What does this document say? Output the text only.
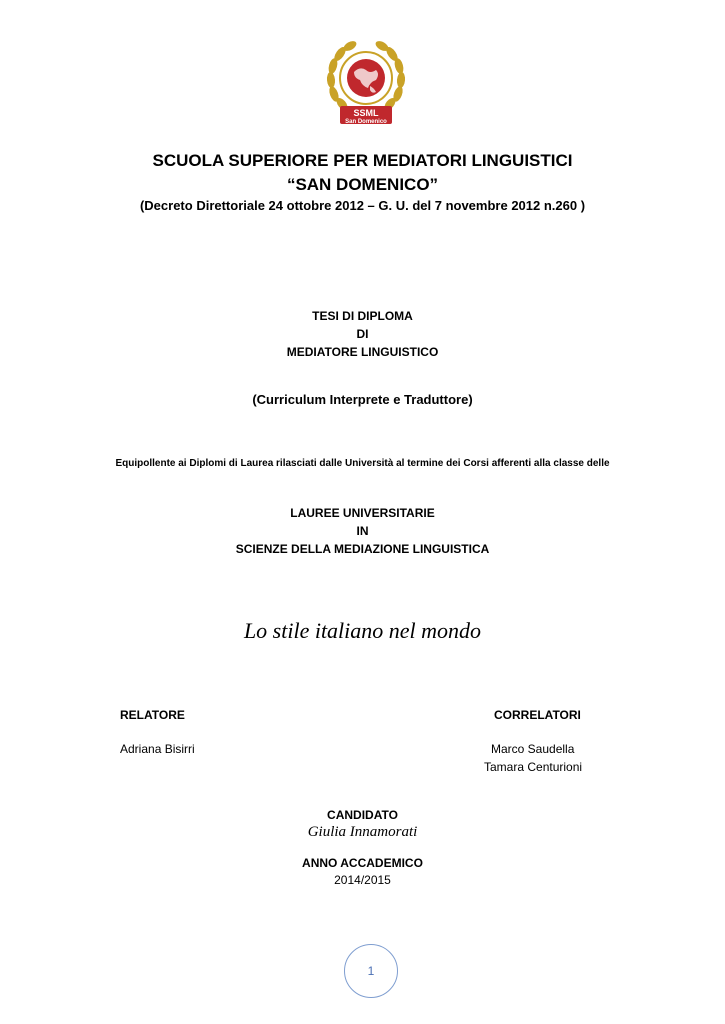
SSML
San Domenico
SCUOLA SUPERIORE PER MEDIATORI LINGUISTICI
“SAN DOMENICO”
(Decreto Direttoriale 24 ottobre 2012 – G. U. del 7 novembre 2012 n.260 )
TESI DI DIPLOMA
DI
MEDIATORE LINGUISTICO
(Curriculum Interprete e Traduttore)
Equipollente ai Diplomi di Laurea rilasciati dalle Università al termine dei Corsi afferenti alla classe delle
LAUREE UNIVERSITARIE
IN
SCIENZE DELLA MEDIAZIONE LINGUISTICA
Lo stile italiano nel mondo
RELATORE
Adriana Bisirri
CORRELATORI
Marco Saudella
Tamara Centurioni
CANDIDATO
Giulia Innamorati
ANNO ACCADEMICO
2014/2015
1
